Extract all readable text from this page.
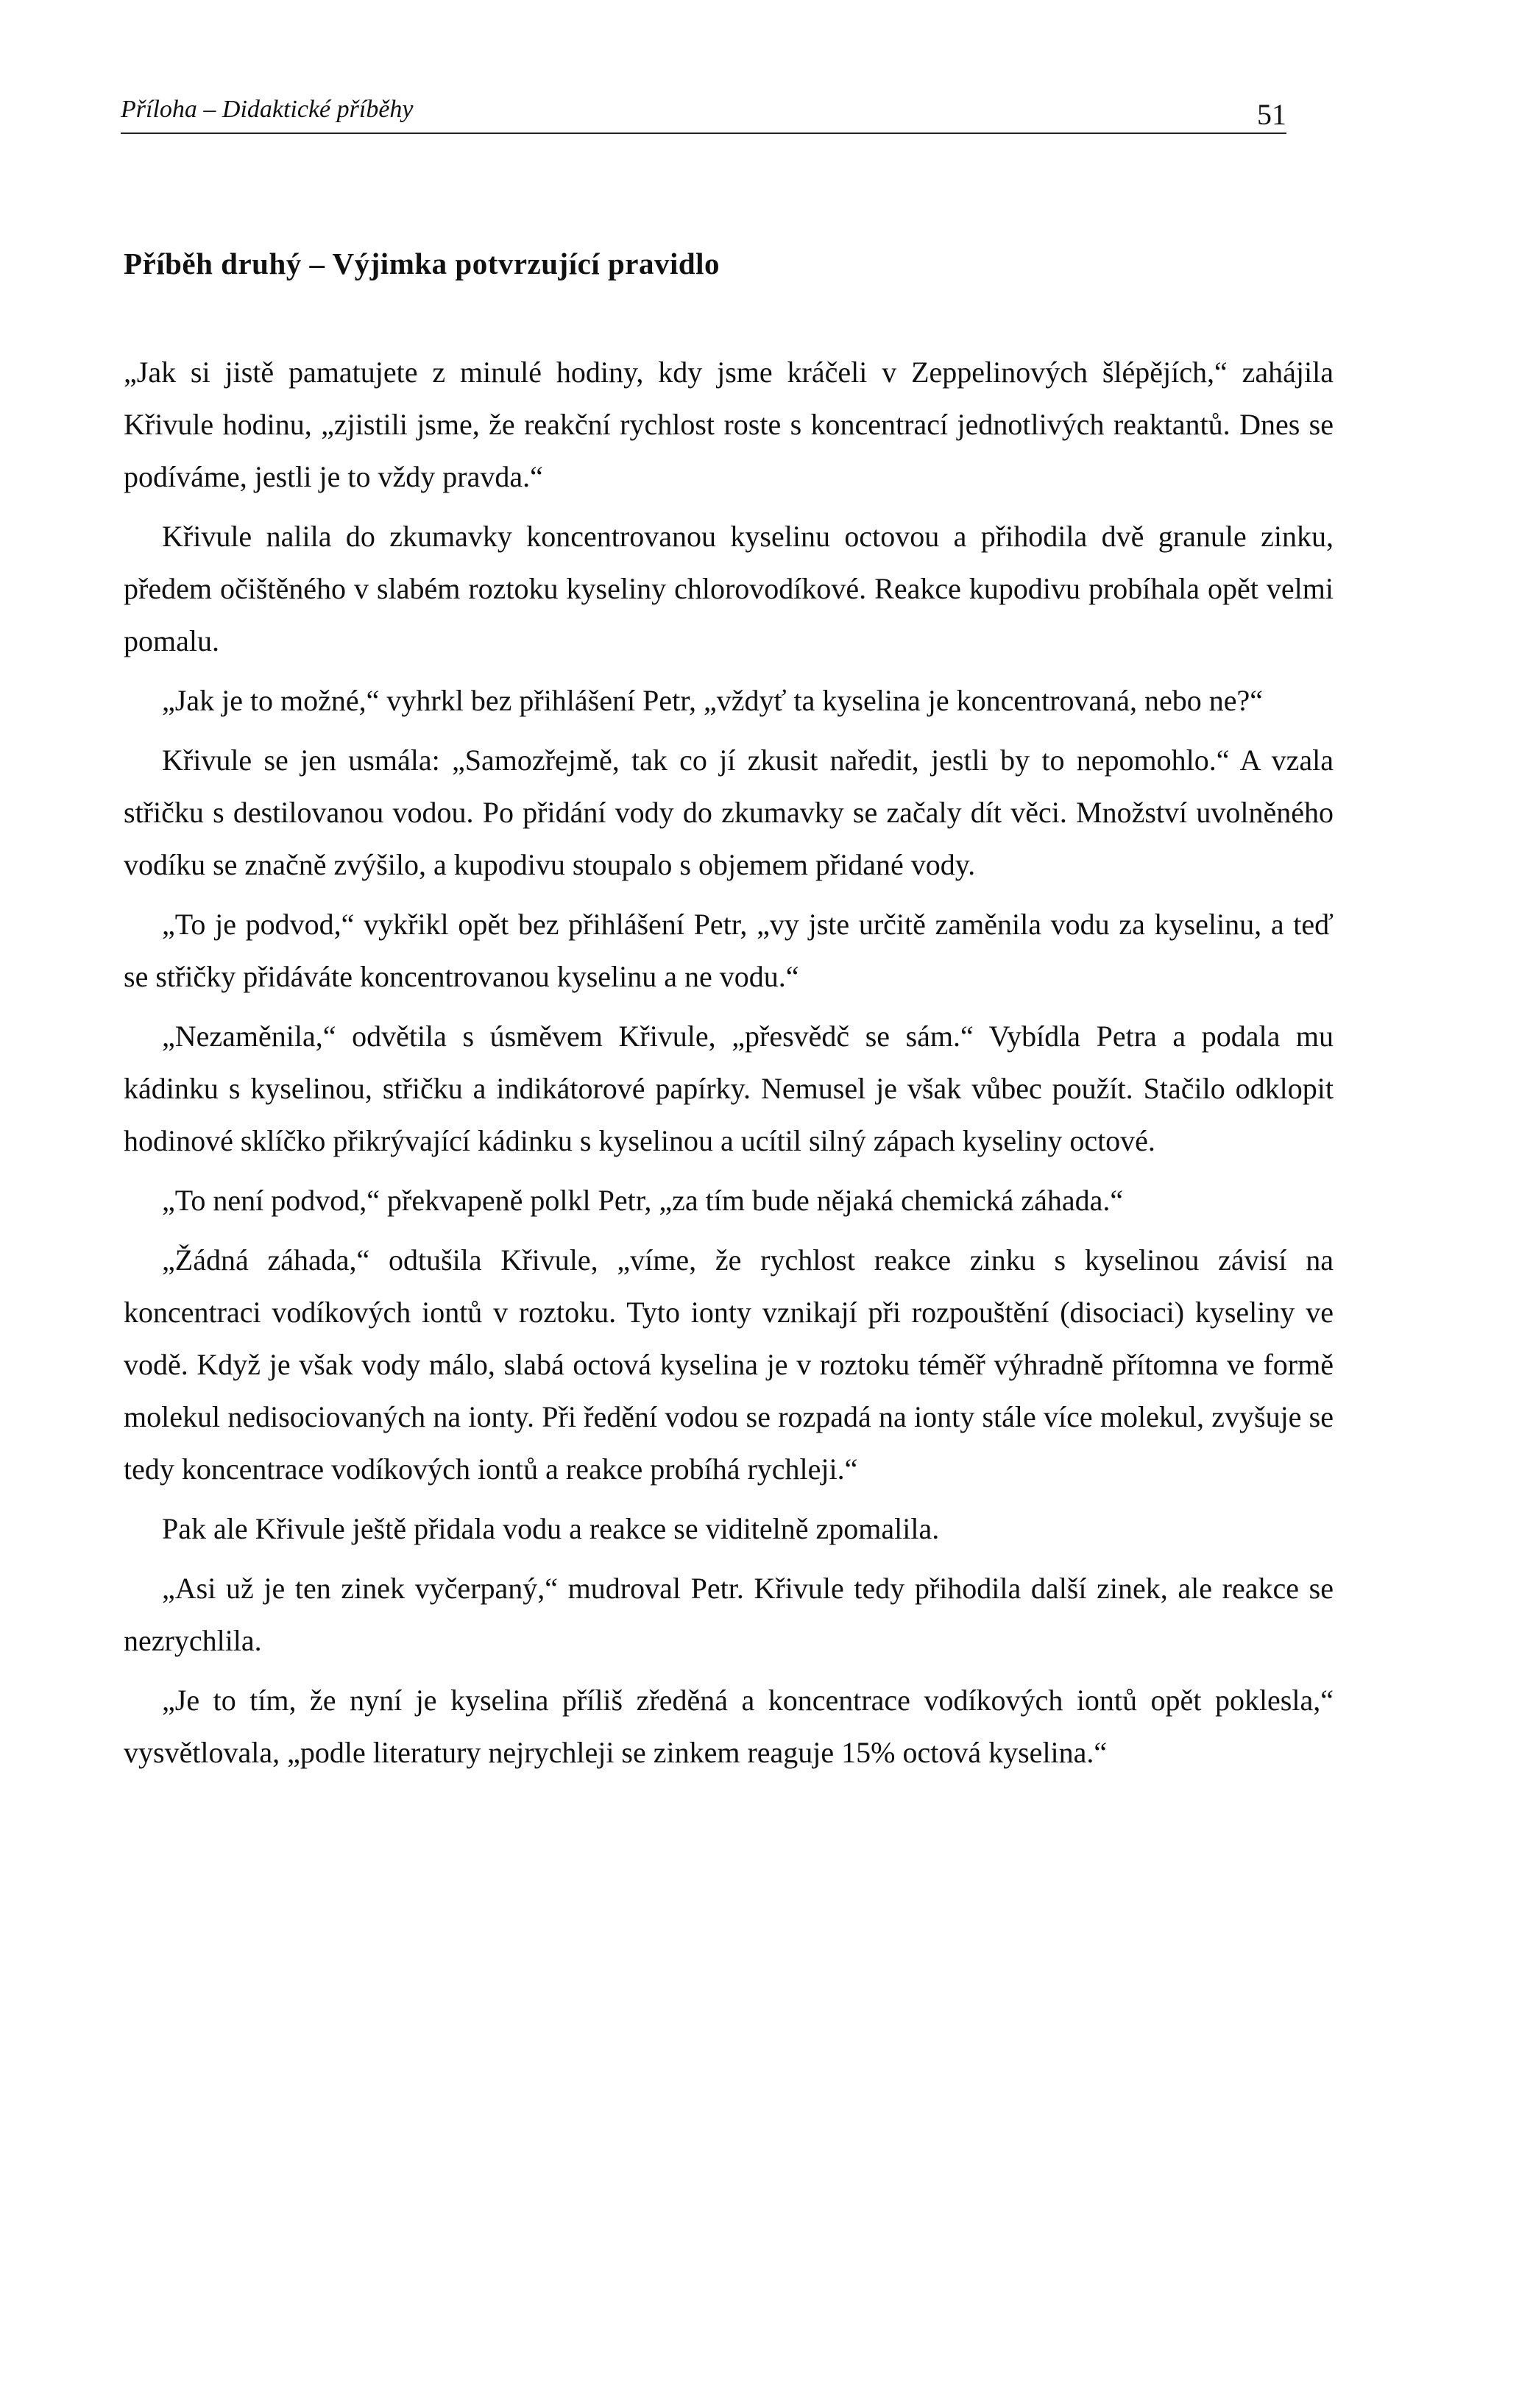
Příloha – Didaktické příběhy	51
Příběh druhý – Výjimka potvrzující pravidlo

„Jak si jistě pamatujete z minulé hodiny, kdy jsme kráčeli v Zeppelinových šlépějích,“ zahájila Křivule hodinu, „zjistili jsme, že reakční rychlost roste s koncentrací jednotlivých reaktantů. Dnes se podíváme, jestli je to vždy pravda.“

Křivule nalila do zkumavky koncentrovanou kyselinu octovou a přihodila dvě granule zinku, předem očištěného v slabém roztoku kyseliny chlorovodíkové. Reakce kupodivu probíhala opět velmi pomalu.

„Jak je to možné,“ vyhrkl bez přihlášení Petr, „vždyť ta kyselina je koncentrovaná, nebo ne?“

Křivule se jen usmála: „Samozřejmě, tak co jí zkusit naředit, jestli by to nepomohlo.“ A vzala střičku s destilovanou vodou. Po přidání vody do zkumavky se začaly dít věci. Množství uvolněného vodíku se značně zvýšilo, a kupodivu stoupalo s objemem přidané vody.

„To je podvod,“ vykřikl opět bez přihlášení Petr, „vy jste určitě zaměnila vodu za kyselinu, a teď se střičky přidáváte koncentrovanou kyselinu a ne vodu.“

„Nezaměnila,“ odvětila s úsměvem Křivule, „přesvědč se sám.“ Vybídla Petra a podala mu kádinku s kyselinou, střičku a indikátorové papírky. Nemusel je však vůbec použít. Stačilo odklopit hodinové sklíčko přikrývající kádinku s kyselinou a ucítil silný zápach kyseliny octové.

„To není podvod,“ překvapeně polkl Petr, „za tím bude nějaká chemická záhada.“

„Žádná záhada,“ odtušila Křivule, „víme, že rychlost reakce zinku s kyselinou závisí na koncentraci vodíkových iontů v roztoku. Tyto ionty vznikají při rozpouštění (disociaci) kyseliny ve vodě. Když je však vody málo, slabá octová kyselina je v roztoku téměř výhradně přítomna ve formě molekul nedisociovaných na ionty. Při ředění vodou se rozpadá na ionty stále více molekul, zvyšuje se tedy koncentrace vodíkových iontů a reakce probíhá rychleji.“

Pak ale Křivule ještě přidala vodu a reakce se viditelně zpomalila.

„Asi už je ten zinek vyčerpaný,“ mudroval Petr. Křivule tedy přihodila další zinek, ale reakce se nezrychlila.

„Je to tím, že nyní je kyselina příliš zředěná a koncentrace vodíkových iontů opět poklesla,“ vysvětlovala, „podle literatury nejrychleji se zinkem reaguje 15% octová kyselina.“
